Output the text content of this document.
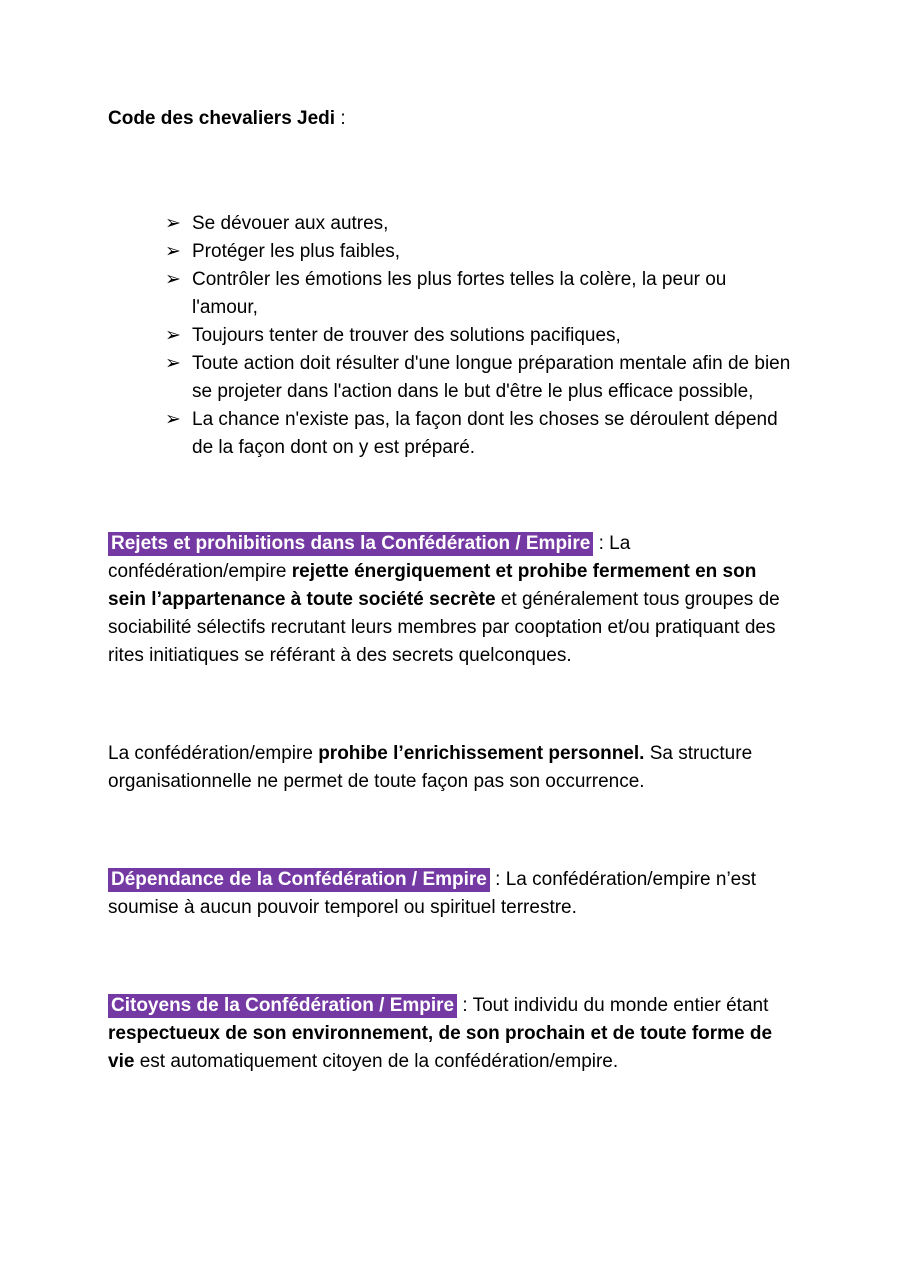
Code des chevaliers Jedi :
➢ Se dévouer aux autres,
➢ Protéger les plus faibles,
➢ Contrôler les émotions les plus fortes telles la colère, la peur ou l'amour,
➢ Toujours tenter de trouver des solutions pacifiques,
➢ Toute action doit résulter d'une longue préparation mentale afin de bien se projeter dans l'action dans le but d'être le plus efficace possible,
➢ La chance n'existe pas, la façon dont les choses se déroulent dépend de la façon dont on y est préparé.

Rejets et prohibitions dans la Confédération / Empire : La confédération/empire rejette énergiquement et prohibe fermement en son sein l’appartenance à toute société secrète et généralement tous groupes de sociabilité sélectifs recrutant leurs membres par cooptation et/ou pratiquant des rites initiatiques se référant à des secrets quelconques.

La confédération/empire prohibe l’enrichissement personnel. Sa structure organisationnelle ne permet de toute façon pas son occurrence.

Dépendance de la Confédération / Empire : La confédération/empire n’est soumise à aucun pouvoir temporel ou spirituel terrestre.

Citoyens de la Confédération / Empire : Tout individu du monde entier étant respectueux de son environnement, de son prochain et de toute forme de vie est automatiquement citoyen de la confédération/empire.
